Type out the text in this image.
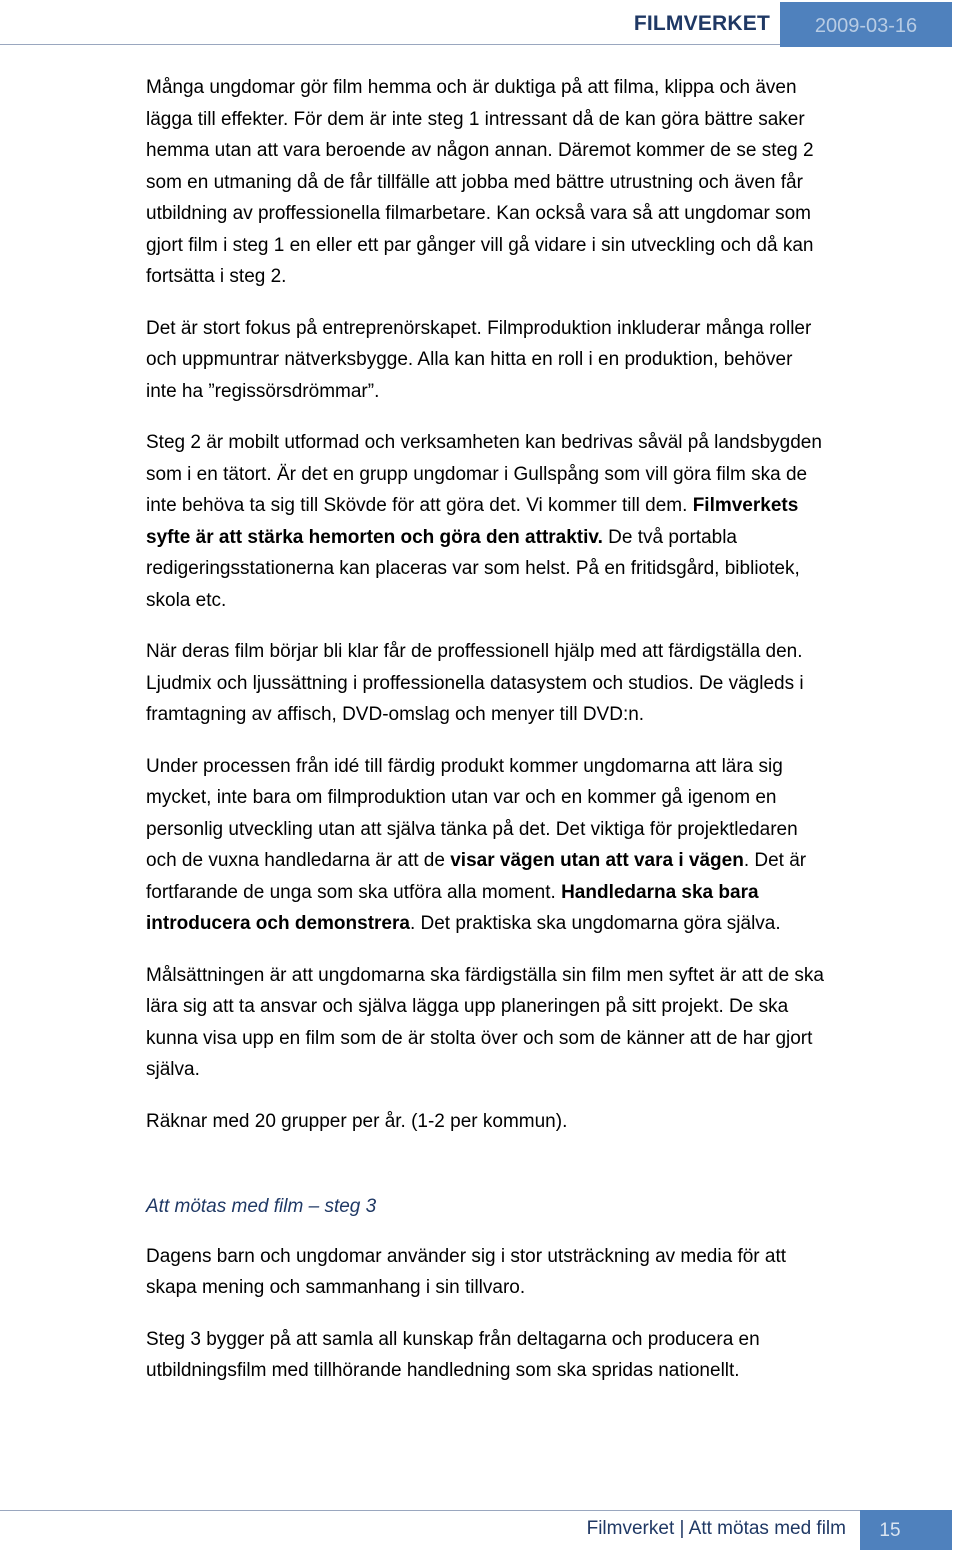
FILMVERKET	2009-03-16

Många ungdomar gör film hemma och är duktiga på att filma, klippa och även lägga till effekter. För dem är inte steg 1 intressant då de kan göra bättre saker hemma utan att vara beroende av någon annan. Däremot kommer de se steg 2 som en utmaning då de får tillfälle att jobba med bättre utrustning och även får utbildning av proffessionella filmarbetare. Kan också vara så att ungdomar som gjort film i steg 1 en eller ett par gånger vill gå vidare i sin utveckling och då kan fortsätta i steg 2.

Det är stort fokus på entreprenörskapet. Filmproduktion inkluderar många roller och uppmuntrar nätverksbygge. Alla kan hitta en roll i en produktion, behöver inte ha ”regissörsdrömmar”.

Steg 2 är mobilt utformad och verksamheten kan bedrivas såväl på landsbygden som i en tätort. Är det en grupp ungdomar i Gullspång som vill göra film ska de inte behöva ta sig till Skövde för att göra det. Vi kommer till dem. Filmverkets syfte är att stärka hemorten och göra den attraktiv. De två portabla redigeringsstationerna kan placeras var som helst. På en fritidsgård, bibliotek, skola etc.

När deras film börjar bli klar får de proffessionell hjälp med att färdigställa den. Ljudmix och ljussättning i proffessionella datasystem och studios. De vägleds i framtagning av affisch, DVD-omslag och menyer till DVD:n.

Under processen från idé till färdig produkt kommer ungdomarna att lära sig mycket, inte bara om filmproduktion utan var och en kommer gå igenom en personlig utveckling utan att själva tänka på det. Det viktiga för projektledaren och de vuxna handledarna är att de visar vägen utan att vara i vägen. Det är fortfarande de unga som ska utföra alla moment. Handledarna ska bara introducera och demonstrera. Det praktiska ska ungdomarna göra själva.

Målsättningen är att ungdomarna ska färdigställa sin film men syftet är att de ska lära sig att ta ansvar och själva lägga upp planeringen på sitt projekt. De ska kunna visa upp en film som de är stolta över och som de känner att de har gjort själva.

Räknar med 20 grupper per år. (1-2 per kommun).

Att mötas med film – steg 3

Dagens barn och ungdomar använder sig i stor utsträckning av media för att skapa mening och sammanhang i sin tillvaro.

Steg 3 bygger på att samla all kunskap från deltagarna och producera en utbildningsfilm med tillhörande handledning som ska spridas nationellt.

Filmverket | Att mötas med film	15
